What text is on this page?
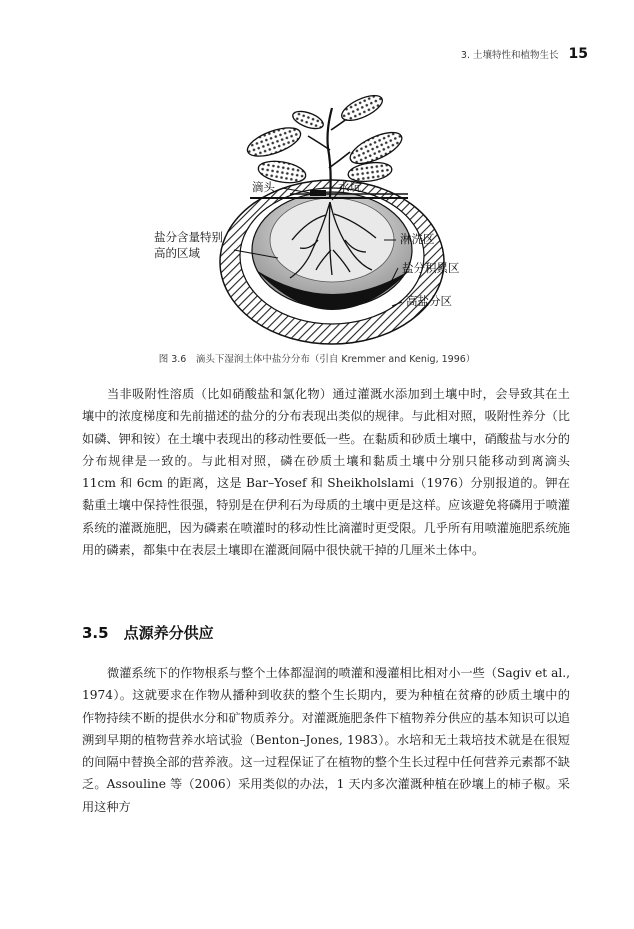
3. 土壤特性和植物生长 15
滴头	水坑
盐分含量特别
高的区域
淋洗区
盐分积累区
高盐分区
图 3.6　滴头下湿润土体中盐分分布（引自 Kremmer and Kenig, 1996）

当非吸附性溶质（比如硝酸盐和氯化物）通过灌溉水添加到土壤中时，会导致其在土壤中的浓度梯度和先前描述的盐分的分布表现出类似的规律。与此相对照，吸附性养分（比如磷、钾和铵）在土壤中表现出的移动性要低一些。在黏质和砂质土壤中，硝酸盐与水分的分布规律是一致的。与此相对照，磷在砂质土壤和黏质土壤中分别只能移动到离滴头 11cm 和 6cm 的距离，这是 Bar–Yosef 和 Sheikholslami（1976）分别报道的。钾在黏重土壤中保持性很强，特别是在伊利石为母质的土壤中更是这样。应该避免将磷用于喷灌系统的灌溉施肥，因为磷素在喷灌时的移动性比滴灌时更受限。几乎所有用喷灌施肥系统施用的磷素，都集中在表层土壤即在灌溉间隔中很快就干掉的几厘米土体中。

3.5　点源养分供应

微灌系统下的作物根系与整个土体都湿润的喷灌和漫灌相比相对小一些（Sagiv et al., 1974）。这就要求在作物从播种到收获的整个生长期内，要为种植在贫瘠的砂质土壤中的作物持续不断的提供水分和矿物质养分。对灌溉施肥条件下植物养分供应的基本知识可以追溯到早期的植物营养水培试验（Benton–Jones, 1983）。水培和无土栽培技术就是在很短的间隔中替换全部的营养液。这一过程保证了在植物的整个生长过程中任何营养元素都不缺乏。Assouline 等（2006）采用类似的办法，1 天内多次灌溉种植在砂壤上的柿子椒。采用这种方
